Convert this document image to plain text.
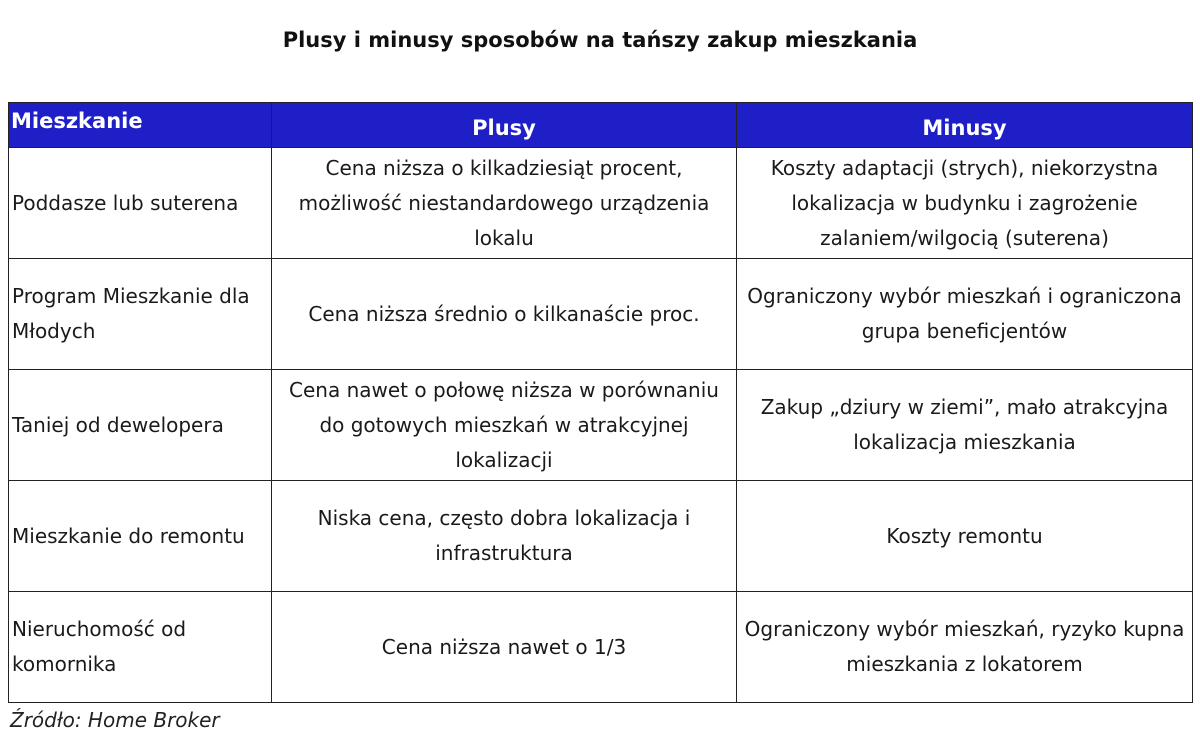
Plusy i minusy sposobów na tańszy zakup mieszkania
Mieszkanie	Plusy	Minusy
Poddasze lub suterena	Cena niższa o kilkadziesiąt procent, możliwość niestandardowego urządzenia lokalu	Koszty adaptacji (strych), niekorzystna lokalizacja w budynku i zagrożenie zalaniem/wilgocią (suterena)
Program Mieszkanie dla Młodych	Cena niższa średnio o kilkanaście proc.	Ograniczony wybór mieszkań i ograniczona grupa beneficjentów
Taniej od dewelopera	Cena nawet o połowę niższa w porównaniu do gotowych mieszkań w atrakcyjnej lokalizacji	Zakup „dziury w ziemi”, mało atrakcyjna lokalizacja mieszkania
Mieszkanie do remontu	Niska cena, często dobra lokalizacja i infrastruktura	Koszty remontu
Nieruchomość od komornika	Cena niższa nawet o 1/3	Ograniczony wybór mieszkań, ryzyko kupna mieszkania z lokatorem
Źródło: Home Broker
